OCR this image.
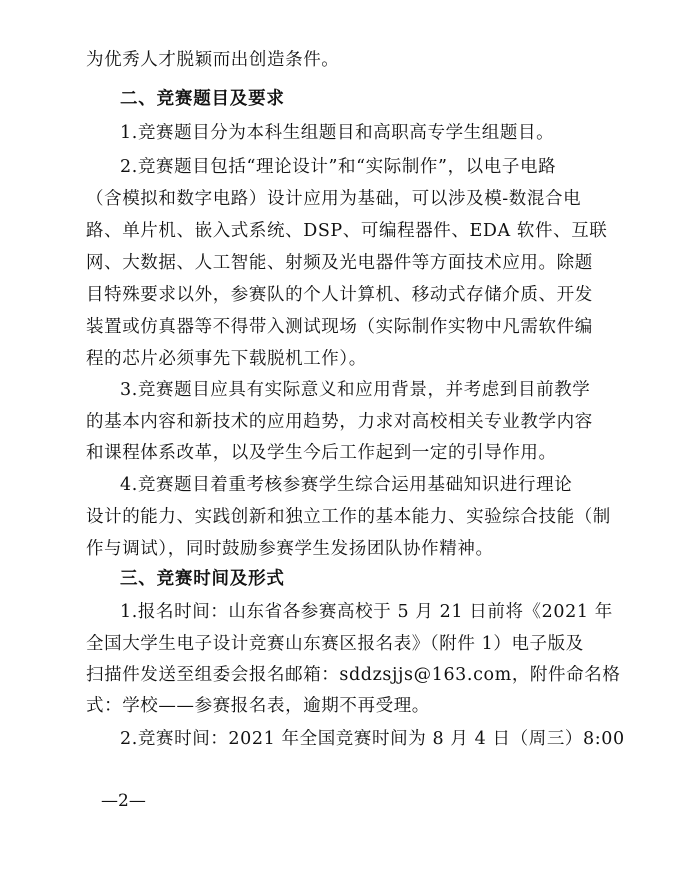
为优秀人才脱颖而出创造条件。
二、竞赛题目及要求
1.竞赛题目分为本科生组题目和高职高专学生组题目。
2.竞赛题目包括“理论设计”和“实际制作”，以电子电路
（含模拟和数字电路）设计应用为基础，可以涉及模-数混合电
路、单片机、嵌入式系统、DSP、可编程器件、EDA 软件、互联
网、大数据、人工智能、射频及光电器件等方面技术应用。除题
目特殊要求以外，参赛队的个人计算机、移动式存储介质、开发
装置或仿真器等不得带入测试现场（实际制作实物中凡需软件编
程的芯片必须事先下载脱机工作）。
3.竞赛题目应具有实际意义和应用背景，并考虑到目前教学
的基本内容和新技术的应用趋势，力求对高校相关专业教学内容
和课程体系改革，以及学生今后工作起到一定的引导作用。
4.竞赛题目着重考核参赛学生综合运用基础知识进行理论
设计的能力、实践创新和独立工作的基本能力、实验综合技能（制
作与调试），同时鼓励参赛学生发扬团队协作精神。
三、竞赛时间及形式
1.报名时间：山东省各参赛高校于 5 月 21 日前将《2021 年
全国大学生电子设计竞赛山东赛区报名表》（附件 1）电子版及
扫描件发送至组委会报名邮箱：sddzsjjs@163.com，附件命名格
式：学校——参赛报名表，逾期不再受理。
2.竞赛时间：2021 年全国竞赛时间为 8 月 4 日（周三）8:00
—2—
